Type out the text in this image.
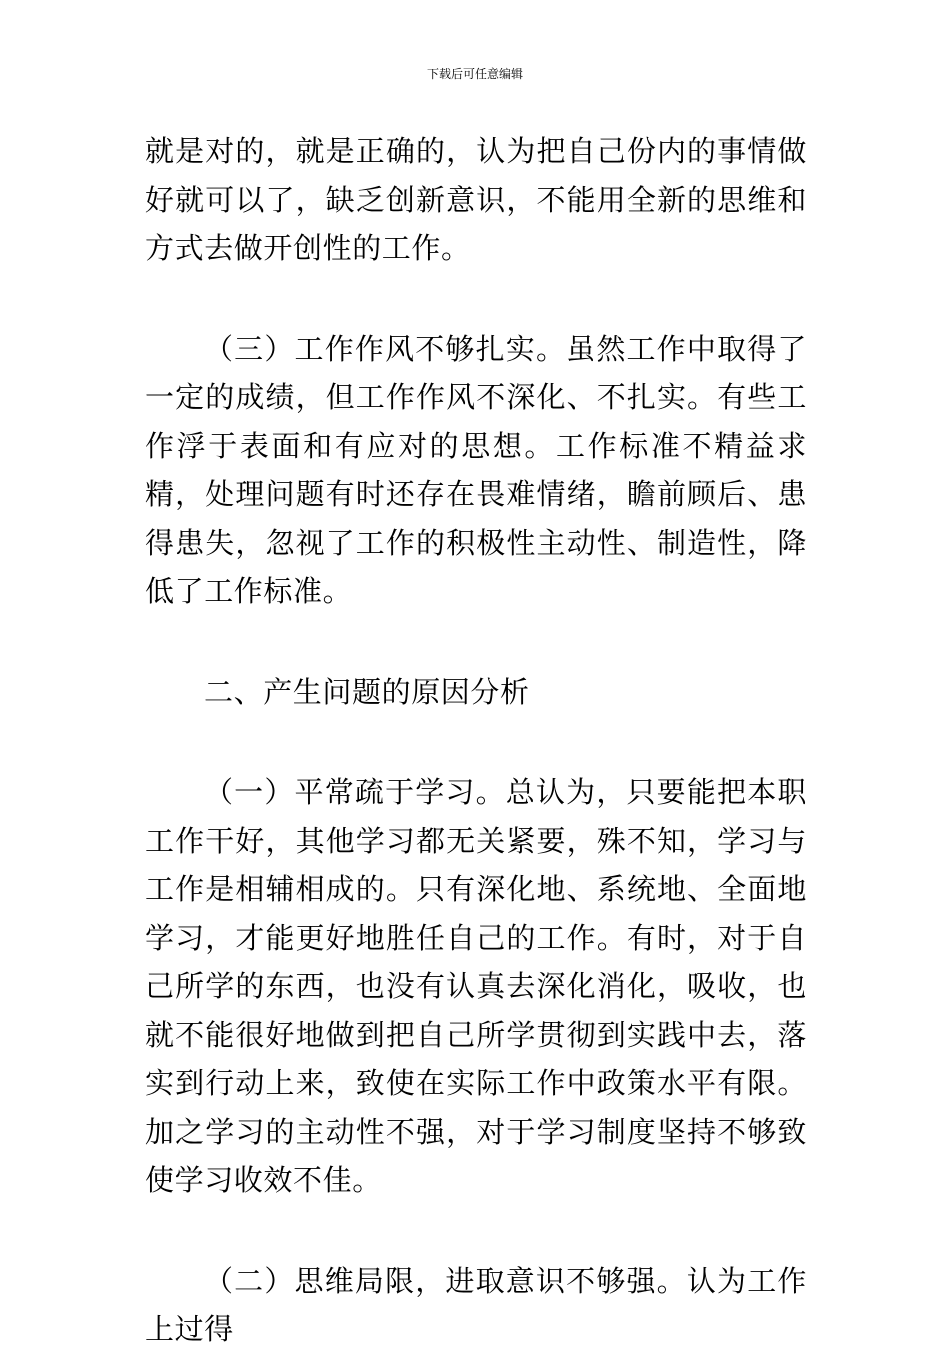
下载后可任意编辑

就是对的，就是正确的，认为把自己份内的事情做好就可以了，缺乏创新意识，不能用全新的思维和方式去做开创性的工作。

（三）工作作风不够扎实。虽然工作中取得了一定的成绩，但工作作风不深化、不扎实。有些工作浮于表面和有应对的思想。工作标准不精益求精，处理问题有时还存在畏难情绪，瞻前顾后、患得患失，忽视了工作的积极性主动性、制造性，降低了工作标准。

二、产生问题的原因分析

（一）平常疏于学习。总认为，只要能把本职工作干好，其他学习都无关紧要，殊不知，学习与工作是相辅相成的。只有深化地、系统地、全面地学习，才能更好地胜任自己的工作。有时，对于自己所学的东西，也没有认真去深化消化，吸收，也就不能很好地做到把自己所学贯彻到实践中去，落实到行动上来，致使在实际工作中政策水平有限。加之学习的主动性不强，对于学习制度坚持不够致使学习收效不佳。

（二）思维局限，进取意识不够强。认为工作上过得
